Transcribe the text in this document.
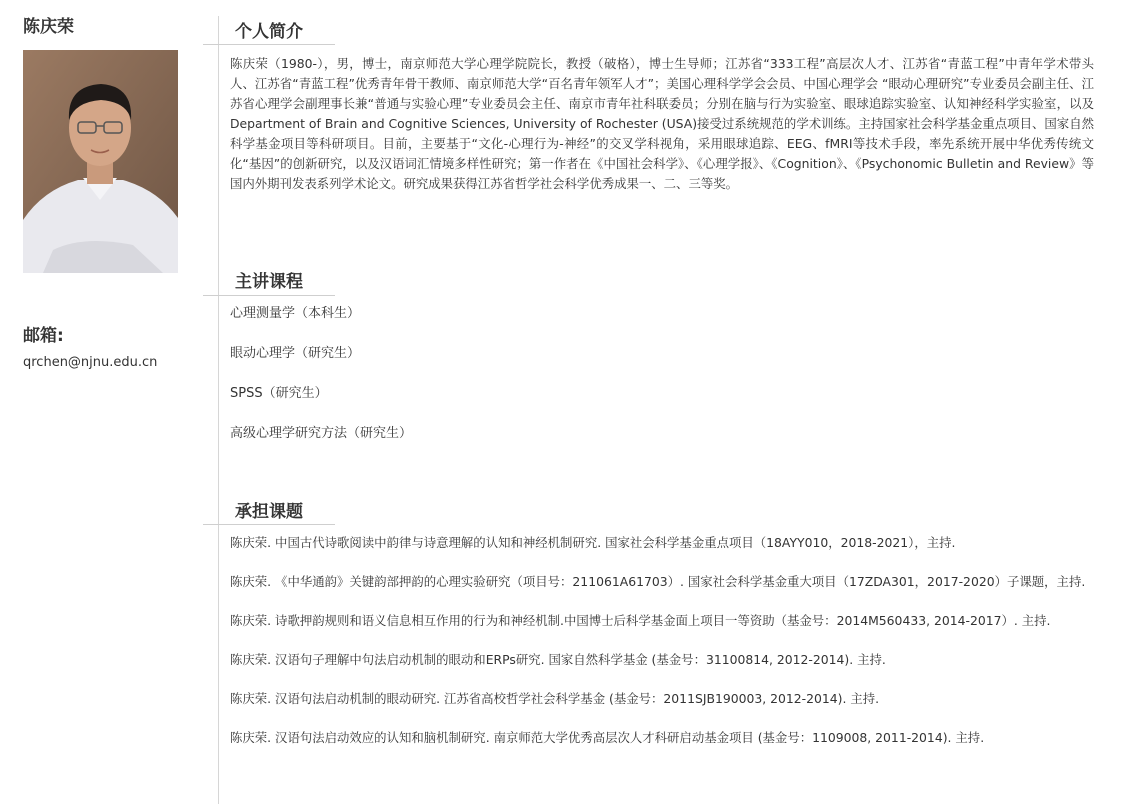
陈庆荣
邮箱:
qrchen@njnu.edu.cn
个人简介
陈庆荣（1980-），男，博士，南京师范大学心理学院院长，教授（破格），博士生导师；江苏省“333工程”高层次人才、江苏省“青蓝工程”中青年学术带头人、江苏省“青蓝工程”优秀青年骨干教师、南京师范大学“百名青年领军人才”；美国心理科学学会会员、中国心理学会 “眼动心理研究”专业委员会副主任、江苏省心理学会副理事长兼“普通与实验心理”专业委员会主任、南京市青年社科联委员；分别在脑与行为实验室、眼球追踪实验室、认知神经科学实验室，以及Department of Brain and Cognitive Sciences, University of Rochester (USA)接受过系统规范的学术训练。主持国家社会科学基金重点项目、国家自然科学基金项目等科研项目。目前，主要基于“文化-心理行为-神经”的交叉学科视角，采用眼球追踪、EEG、fMRI等技术手段，率先系统开展中华优秀传统文化“基因”的创新研究，以及汉语词汇情境多样性研究；第一作者在《中国社会科学》、《心理学报》、《Cognition》、《Psychonomic Bulletin and Review》等国内外期刊发表系列学术论文。研究成果获得江苏省哲学社会科学优秀成果一、二、三等奖。
主讲课程
心理测量学（本科生）
眼动心理学（研究生）
SPSS（研究生）
高级心理学研究方法（研究生）
承担课题
陈庆荣. 中国古代诗歌阅读中韵律与诗意理解的认知和神经机制研究. 国家社会科学基金重点项目（18AYY010，2018-2021），主持.
陈庆荣. 《中华通韵》关键韵部押韵的心理实验研究（项目号：211061A61703）. 国家社会科学基金重大项目（17ZDA301，2017-2020）子课题，主持.
陈庆荣. 诗歌押韵规则和语义信息相互作用的行为和神经机制.中国博士后科学基金面上项目一等资助（基金号：2014M560433, 2014-2017）. 主持.
陈庆荣. 汉语句子理解中句法启动机制的眼动和ERPs研究. 国家自然科学基金 (基金号：31100814, 2012-2014). 主持.
陈庆荣. 汉语句法启动机制的眼动研究. 江苏省高校哲学社会科学基金 (基金号：2011SJB190003, 2012-2014). 主持.
陈庆荣. 汉语句法启动效应的认知和脑机制研究. 南京师范大学优秀高层次人才科研启动基金项目 (基金号：1109008, 2011-2014). 主持.
